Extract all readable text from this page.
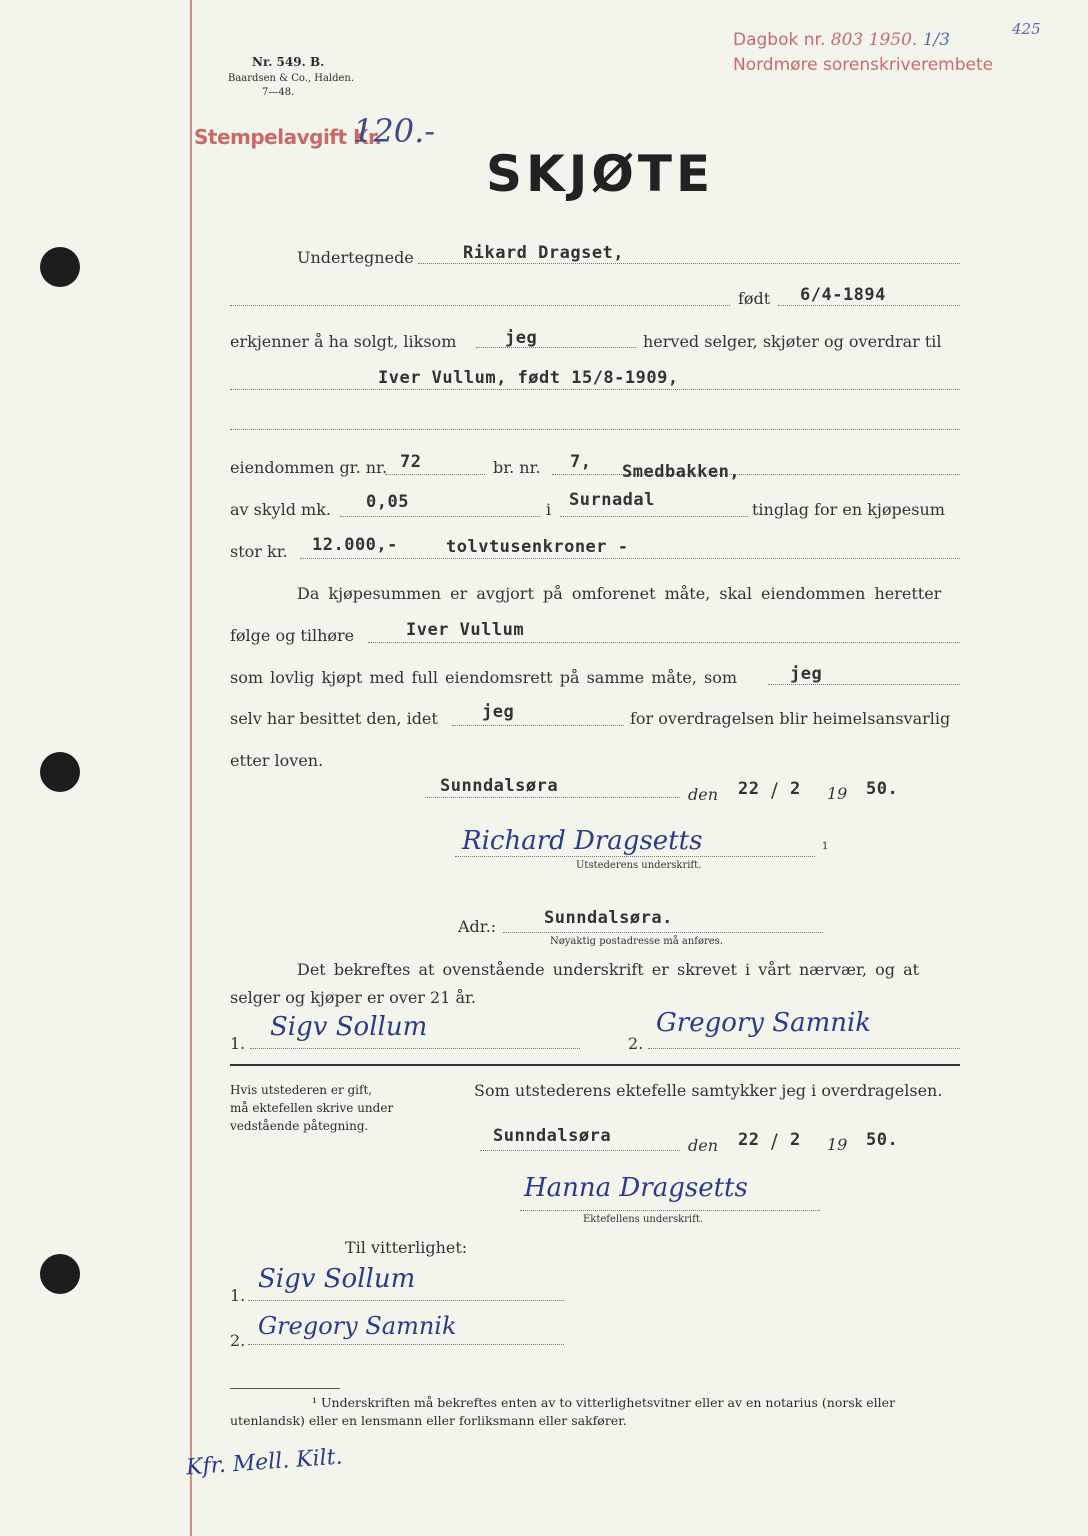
Nr. 549. B.
Baardsen & Co., Halden.
7—48.
Dagbok nr. 803 1950. 1/3
425
Nordmøre sorenskriverembete
Stempelavgift Kr.
120.-
SKJØTE
Undertegnede	Rikard Dragset,
født 6/4-1894
erkjenner å ha solgt, liksom	jeg	herved selger, skjøter og overdrar til
Iver Vullum, født 15/8-1909,
eiendommen gr. nr. 72	br. nr. 7, Smedbakken,
av skyld mk. 0,05	i Surnadal	tinglag for en kjøpesum
stor kr. 12.000,-	tolvtusenkroner -
Da kjøpesummen er avgjort på omforenet måte, skal eiendommen heretter
følge og tilhøre	Iver Vullum
som lovlig kjøpt med full eiendomsrett på samme måte, som	jeg
selv har besittet den, idet	jeg	for overdragelsen blir heimelsansvarlig
etter loven.
Sunndalsøra	den 22 / 2 19 50.
Richard Dragsetts	1
Utstederens underskrift.
Adr.:	Sunndalsøra.
Nøyaktig postadresse må anføres.
Det bekreftes at ovenstående underskrift er skrevet i vårt nærvær, og at
selger og kjøper er over 21 år.
1.
Sigv Sollum
2.
Gregory Samnik
Hvis utstederen er gift,
må ektefellen skrive under
vedstående påtegning.
Som utstederens ektefelle samtykker jeg i overdragelsen.
Sunndalsøra	den 22 / 2 19 50.
Hanna Dragsetts
Ektefellens underskrift.
Til vitterlighet:
1.
Sigv Sollum
2.
Gregory Samnik
¹ Underskriften må bekreftes enten av to vitterlighetsvitner eller av en notarius (norsk eller
utenlandsk) eller en lensmann eller forliksmann eller sakfører.
Kfr. Mell. Kilt.
